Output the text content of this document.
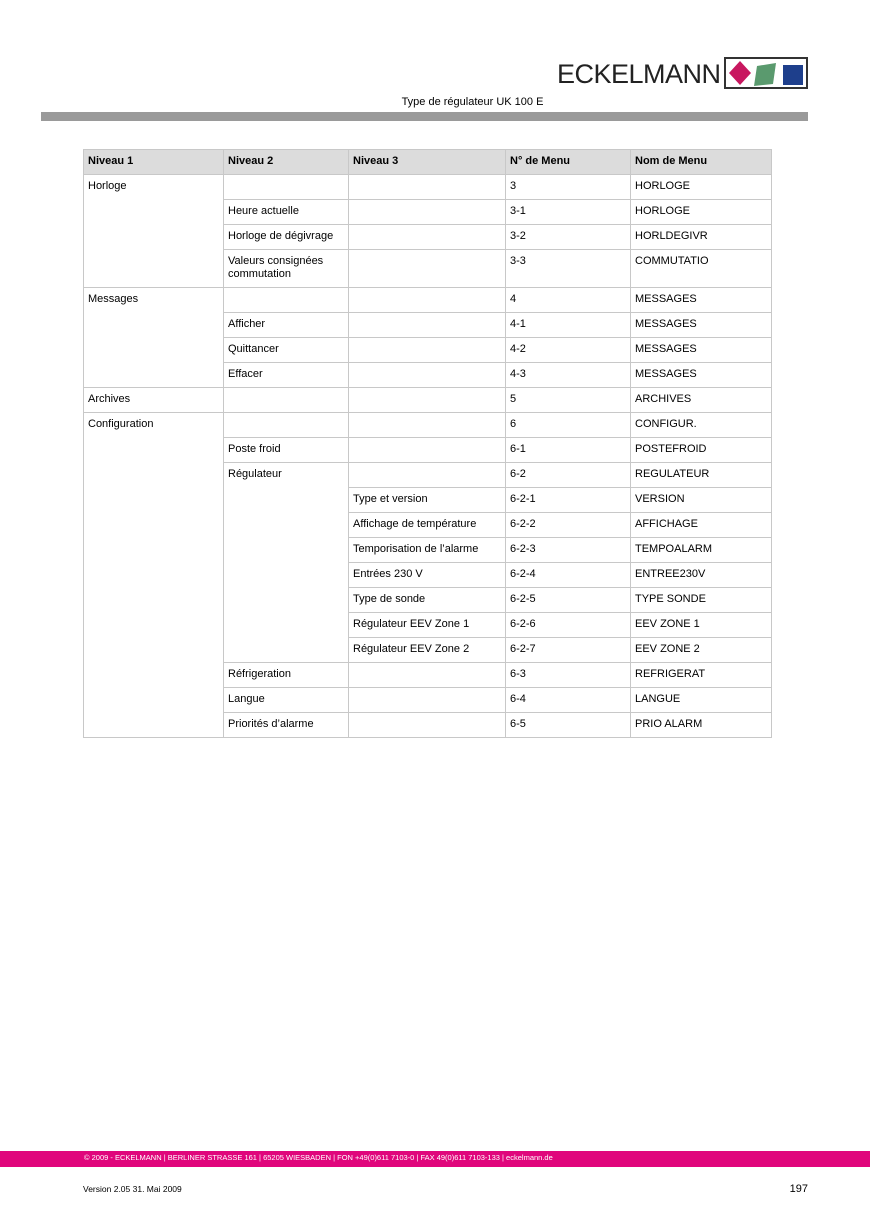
ECKELMANN
Type de régulateur UK 100 E
Niveau 1	Niveau 2	Niveau 3	N° de Menu	Nom de Menu
Horloge			3	HORLOGE
	Heure actuelle		3-1	HORLOGE
	Horloge de dégivrage		3-2	HORLDEGIVR
	Valeurs consignées commutation		3-3	COMMUTATIO
Messages			4	MESSAGES
	Afficher		4-1	MESSAGES
	Quittancer		4-2	MESSAGES
	Effacer		4-3	MESSAGES
Archives			5	ARCHIVES
Configuration			6	CONFIGUR.
	Poste froid		6-1	POSTEFROID
	Régulateur		6-2	REGULATEUR
		Type et version	6-2-1	VERSION
		Affichage de température	6-2-2	AFFICHAGE
		Temporisation de l’alarme	6-2-3	TEMPOALARM
		Entrées 230 V	6-2-4	ENTREE230V
		Type de sonde	6-2-5	TYPE SONDE
		Régulateur EEV Zone 1	6-2-6	EEV ZONE 1
		Régulateur EEV Zone 2	6-2-7	EEV ZONE 2
	Réfrigeration		6-3	REFRIGERAT
	Langue		6-4	LANGUE
	Priorités d’alarme		6-5	PRIO ALARM
© 2009 - ECKELMANN | BERLINER STRASSE 161 | 65205 WIESBADEN | FON +49(0)611 7103-0 | FAX 49(0)611 7103-133 | eckelmann.de
Version 2.05 31. Mai 2009	197
